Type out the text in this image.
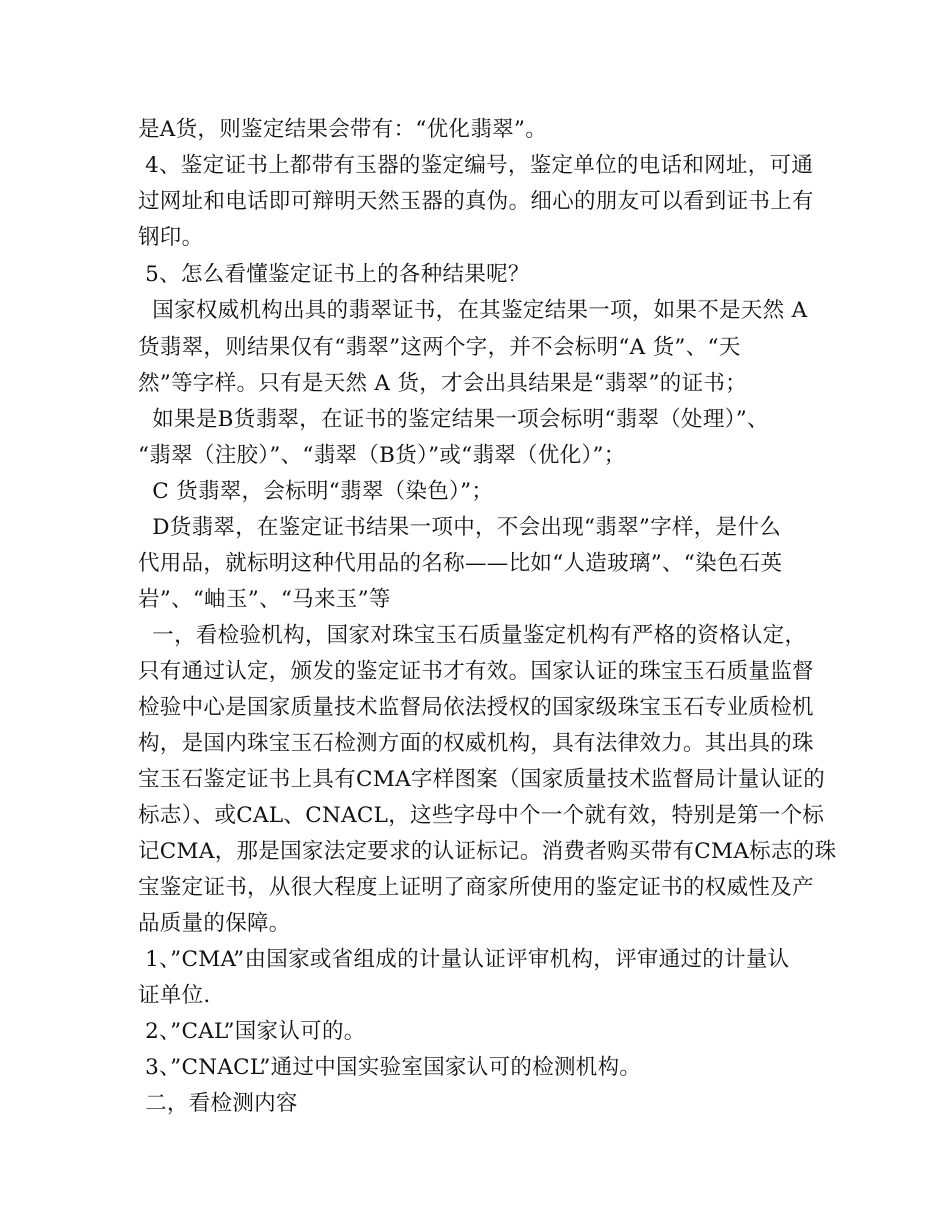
是A货，则鉴定结果会带有：“优化翡翠”。
4、鉴定证书上都带有玉器的鉴定编号，鉴定单位的电话和网址，可通
过网址和电话即可辩明天然玉器的真伪。细心的朋友可以看到证书上有
钢印。
5、怎么看懂鉴定证书上的各种结果呢？
国家权威机构出具的翡翠证书，在其鉴定结果一项，如果不是天然 A
货翡翠，则结果仅有“翡翠”这两个字，并不会标明“A 货”、“天
然”等字样。只有是天然 A 货，才会出具结果是“翡翠”的证书；
如果是B货翡翠，在证书的鉴定结果一项会标明“翡翠（处理）”、
“翡翠（注胶）”、“翡翠（B货）”或“翡翠（优化）”；
C 货翡翠，会标明“翡翠（染色）”；
D货翡翠，在鉴定证书结果一项中，不会出现“翡翠”字样，是什么
代用品，就标明这种代用品的名称——比如“人造玻璃”、“染色石英
岩”、“岫玉”、“马来玉”等
一，看检验机构，国家对珠宝玉石质量鉴定机构有严格的资格认定，
只有通过认定，颁发的鉴定证书才有效。国家认证的珠宝玉石质量监督
检验中心是国家质量技术监督局依法授权的国家级珠宝玉石专业质检机
构，是国内珠宝玉石检测方面的权威机构，具有法律效力。其出具的珠
宝玉石鉴定证书上具有CMA字样图案（国家质量技术监督局计量认证的
标志）、或CAL、CNACL，这些字母中个一个就有效，特别是第一个标
记CMA，那是国家法定要求的认证标记。消费者购买带有CMA标志的珠
宝鉴定证书，从很大程度上证明了商家所使用的鉴定证书的权威性及产
品质量的保障。
1、”CMA”由国家或省组成的计量认证评审机构，评审通过的计量认
证单位.
2、”CAL”国家认可的。
3、”CNACL”通过中国实验室国家认可的检测机构。
二，看检测内容
